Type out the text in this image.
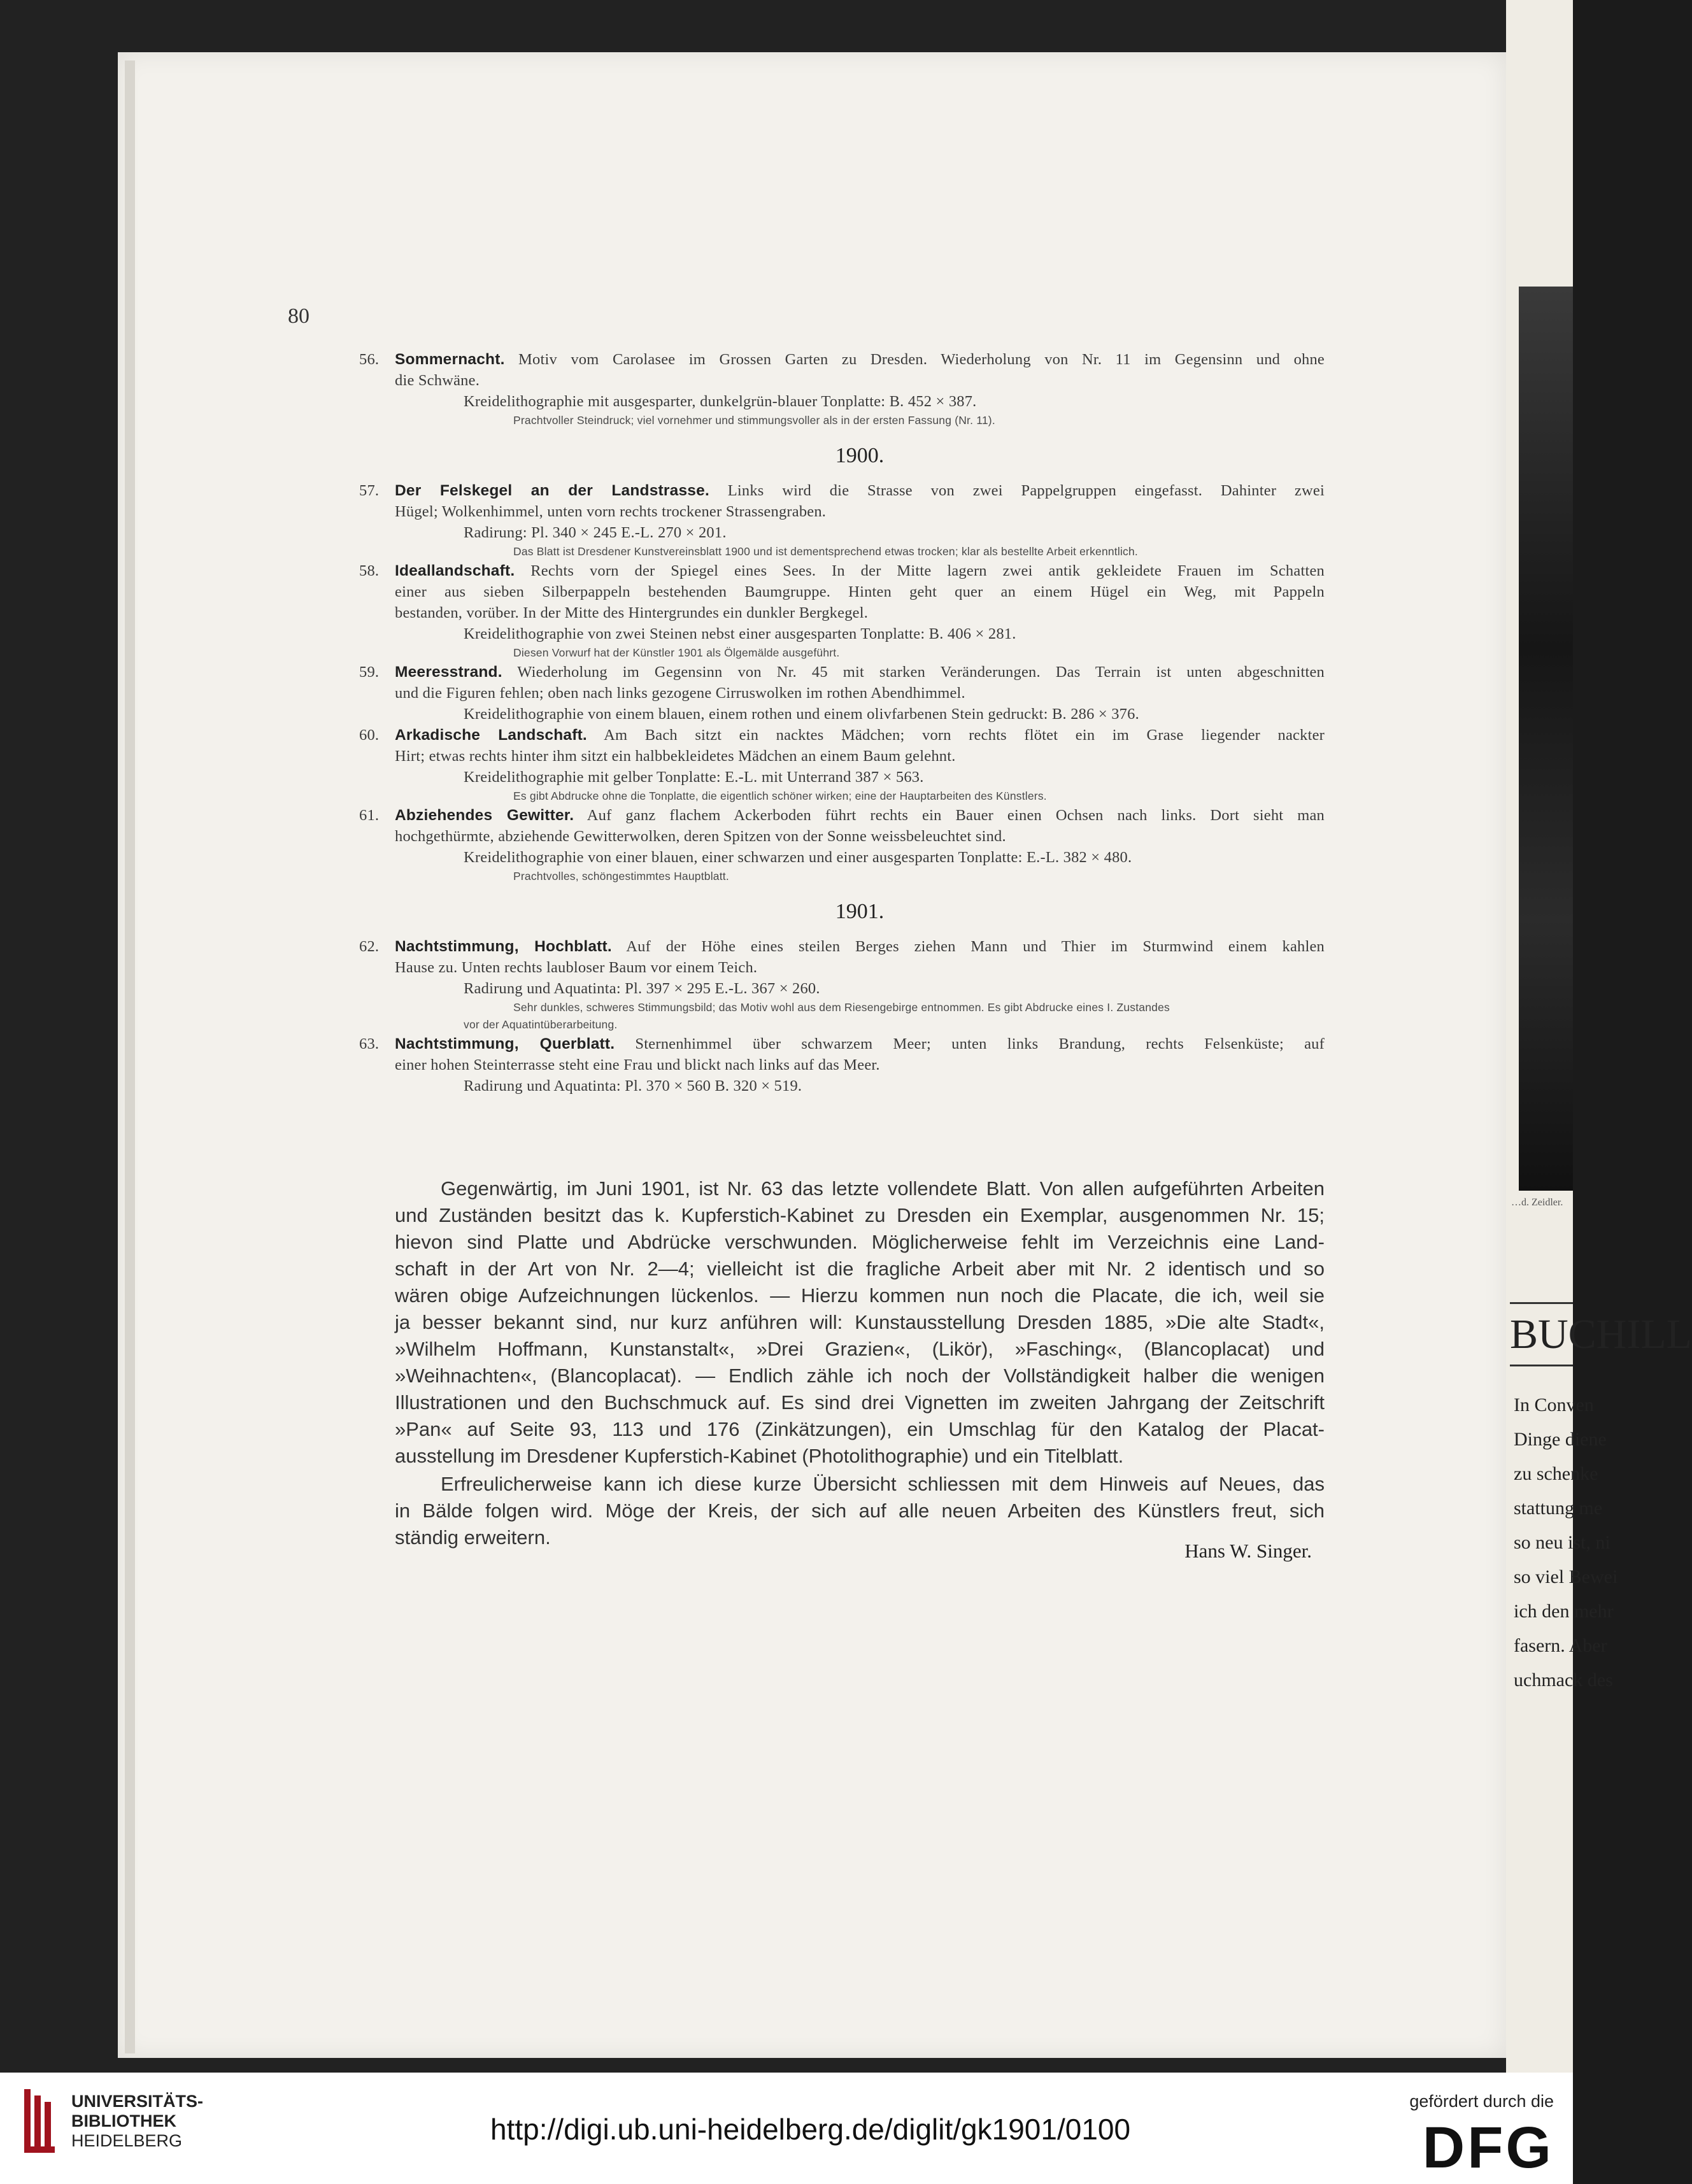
…d. Zeidler.
BUCHILL
In Conven
Dinge diene
zu schenke
stattung me
so neu ist, ni
so viel Bewei
ich den mehr
fasern. Aber
uchmack des
80
56.	Sommernacht. Motiv vom Carolasee im Grossen Garten zu Dresden. Wiederholung von Nr. 11 im Gegensinn und ohne
die Schwäne.
Kreidelithographie mit ausgesparter, dunkelgrün-blauer Tonplatte: B. 452 × 387.
Prachtvoller Steindruck; viel vornehmer und stimmungsvoller als in der ersten Fassung (Nr. 11).
1900.
57.	Der Felskegel an der Landstrasse. Links wird die Strasse von zwei Pappelgruppen eingefasst. Dahinter zwei
Hügel; Wolkenhimmel, unten vorn rechts trockener Strassengraben.
Radirung: Pl. 340 × 245 E.-L. 270 × 201.
Das Blatt ist Dresdener Kunstvereinsblatt 1900 und ist dementsprechend etwas trocken; klar als bestellte Arbeit erkenntlich.
58.	Ideallandschaft. Rechts vorn der Spiegel eines Sees. In der Mitte lagern zwei antik gekleidete Frauen im Schatten
einer aus sieben Silberpappeln bestehenden Baumgruppe. Hinten geht quer an einem Hügel ein Weg, mit Pappeln
bestanden, vorüber. In der Mitte des Hintergrundes ein dunkler Bergkegel.
Kreidelithographie von zwei Steinen nebst einer ausgesparten Tonplatte: B. 406 × 281.
Diesen Vorwurf hat der Künstler 1901 als Ölgemälde ausgeführt.
59.	Meeresstrand. Wiederholung im Gegensinn von Nr. 45 mit starken Veränderungen. Das Terrain ist unten abgeschnitten
und die Figuren fehlen; oben nach links gezogene Cirruswolken im rothen Abendhimmel.
Kreidelithographie von einem blauen, einem rothen und einem olivfarbenen Stein gedruckt: B. 286 × 376.
60.	Arkadische Landschaft. Am Bach sitzt ein nacktes Mädchen; vorn rechts flötet ein im Grase liegender nackter
Hirt; etwas rechts hinter ihm sitzt ein halbbekleidetes Mädchen an einem Baum gelehnt.
Kreidelithographie mit gelber Tonplatte: E.-L. mit Unterrand 387 × 563.
Es gibt Abdrucke ohne die Tonplatte, die eigentlich schöner wirken; eine der Hauptarbeiten des Künstlers.
61.	Abziehendes Gewitter. Auf ganz flachem Ackerboden führt rechts ein Bauer einen Ochsen nach links. Dort sieht man
hochgethürmte, abziehende Gewitterwolken, deren Spitzen von der Sonne weissbeleuchtet sind.
Kreidelithographie von einer blauen, einer schwarzen und einer ausgesparten Tonplatte: E.-L. 382 × 480.
Prachtvolles, schöngestimmtes Hauptblatt.
1901.
62.	Nachtstimmung, Hochblatt. Auf der Höhe eines steilen Berges ziehen Mann und Thier im Sturmwind einem kahlen
Hause zu. Unten rechts laubloser Baum vor einem Teich.
Radirung und Aquatinta: Pl. 397 × 295 E.-L. 367 × 260.
Sehr dunkles, schweres Stimmungsbild; das Motiv wohl aus dem Riesengebirge entnommen. Es gibt Abdrucke eines I. Zustandes
vor der Aquatintüberarbeitung.
63.	Nachtstimmung, Querblatt. Sternenhimmel über schwarzem Meer; unten links Brandung, rechts Felsenküste; auf
einer hohen Steinterrasse steht eine Frau und blickt nach links auf das Meer.
Radirung und Aquatinta: Pl. 370 × 560 B. 320 × 519.
Gegenwärtig, im Juni 1901, ist Nr. 63 das letzte vollendete Blatt. Von allen aufgeführten Arbeiten
und Zuständen besitzt das k. Kupferstich-Kabinet zu Dresden ein Exemplar, ausgenommen Nr. 15;
hievon sind Platte und Abdrücke verschwunden. Möglicherweise fehlt im Verzeichnis eine Land-
schaft in der Art von Nr. 2—4; vielleicht ist die fragliche Arbeit aber mit Nr. 2 identisch und so
wären obige Aufzeichnungen lückenlos. — Hierzu kommen nun noch die Placate, die ich, weil sie
ja besser bekannt sind, nur kurz anführen will: Kunstausstellung Dresden 1885, »Die alte Stadt«,
»Wilhelm Hoffmann, Kunstanstalt«, »Drei Grazien«, (Likör), »Fasching«, (Blancoplacat) und
»Weihnachten«, (Blancoplacat). — Endlich zähle ich noch der Vollständigkeit halber die wenigen
Illustrationen und den Buchschmuck auf. Es sind drei Vignetten im zweiten Jahrgang der Zeitschrift
»Pan« auf Seite 93, 113 und 176 (Zinkätzungen), ein Umschlag für den Katalog der Placat-
ausstellung im Dresdener Kupferstich-Kabinet (Photolithographie) und ein Titelblatt.
Erfreulicherweise kann ich diese kurze Übersicht schliessen mit dem Hinweis auf Neues, das
in Bälde folgen wird. Möge der Kreis, der sich auf alle neuen Arbeiten des Künstlers freut, sich
ständig erweitern.
Hans W. Singer.
UNIVERSITÄTS-
BIBLIOTHEK
HEIDELBERG	http://digi.ub.uni-heidelberg.de/diglit/gk1901/0100
gefördert durch die
DFG
